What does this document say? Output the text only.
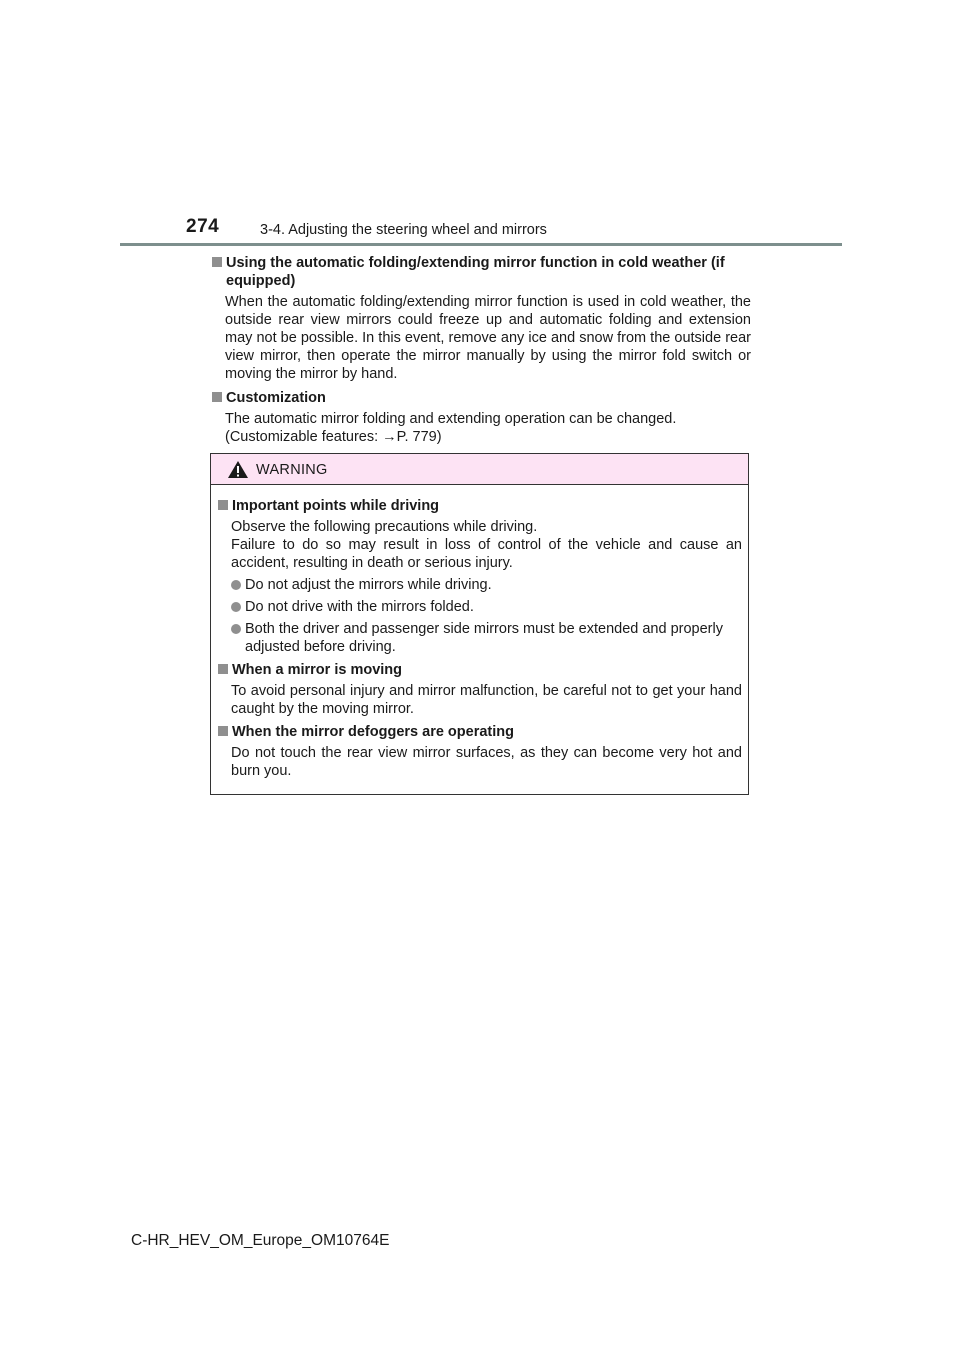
274	3-4. Adjusting the steering wheel and mirrors
Using the automatic folding/extending mirror function in cold weather (if equipped)
When the automatic folding/extending mirror function is used in cold weather, the outside rear view mirrors could freeze up and automatic folding and extension may not be possible. In this event, remove any ice and snow from the outside rear view mirror, then operate the mirror manually by using the mirror fold switch or moving the mirror by hand.
Customization
The automatic mirror folding and extending operation can be changed.
(Customizable features: →P. 779)
WARNING
Important points while driving
Observe the following precautions while driving.
Failure to do so may result in loss of control of the vehicle and cause an accident, resulting in death or serious injury.
Do not adjust the mirrors while driving.
Do not drive with the mirrors folded.
Both the driver and passenger side mirrors must be extended and properly adjusted before driving.
When a mirror is moving
To avoid personal injury and mirror malfunction, be careful not to get your hand caught by the moving mirror.
When the mirror defoggers are operating
Do not touch the rear view mirror surfaces, as they can become very hot and burn you.
C-HR_HEV_OM_Europe_OM10764E
